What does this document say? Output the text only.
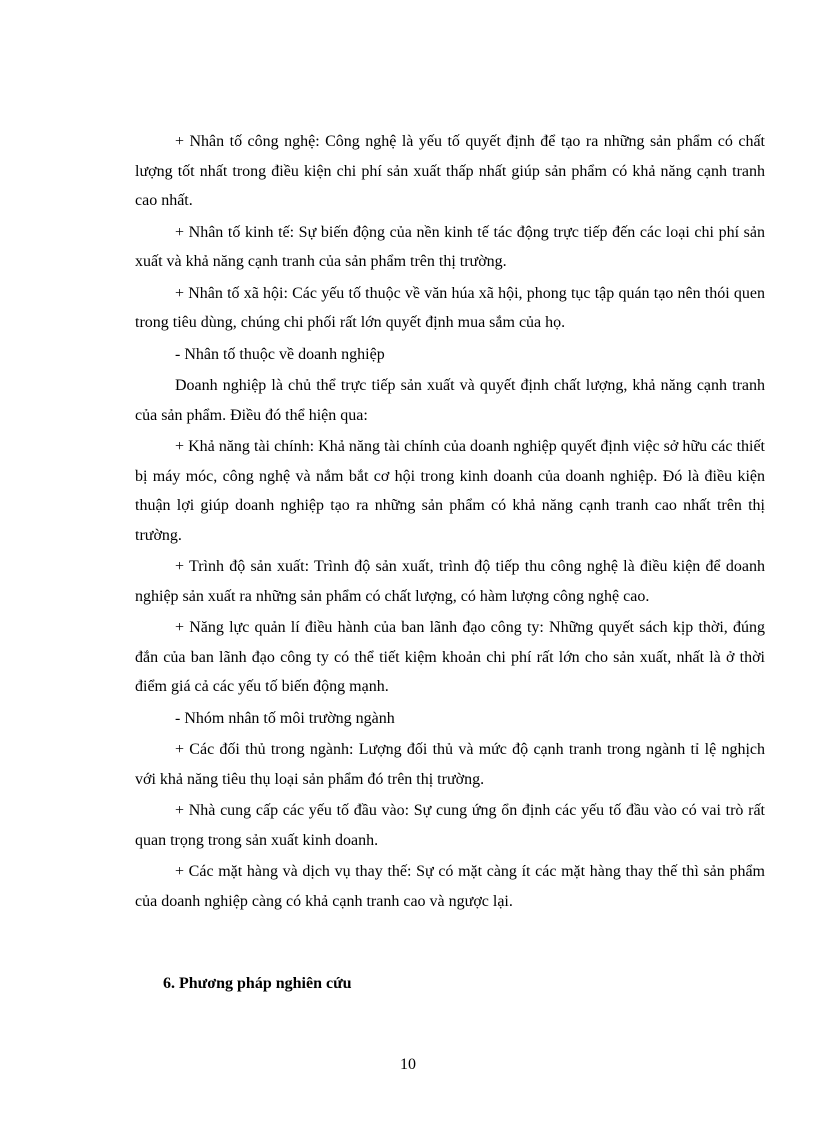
+ Nhân tố công nghệ: Công nghệ là yếu tố quyết định để tạo ra những sản phẩm có chất lượng tốt nhất trong điều kiện chi phí sản xuất thấp nhất giúp sản phẩm có khả năng cạnh tranh cao nhất.

+ Nhân tố kinh tế: Sự biến động của nền kinh tế tác động trực tiếp đến các loại chi phí sản xuất và khả năng cạnh tranh của sản phẩm trên thị trường.

+ Nhân tố xã hội: Các yếu tố thuộc về văn húa xã hội, phong tục tập quán tạo nên thói quen trong tiêu dùng, chúng chi phối rất lớn quyết định mua sắm của họ.

- Nhân tố thuộc về doanh nghiệp

Doanh nghiệp là chủ thể trực tiếp sản xuất và quyết định chất lượng, khả năng cạnh tranh của sản phẩm. Điều đó thể hiện qua:

+ Khả năng tài chính: Khả năng tài chính của doanh nghiệp quyết định việc sở hữu các thiết bị máy móc, công nghệ và nắm bắt cơ hội trong kinh doanh của doanh nghiệp. Đó là điều kiện thuận lợi giúp doanh nghiệp tạo ra những sản phẩm có khả năng cạnh tranh cao nhất trên thị trường.

+ Trình độ sản xuất: Trình độ sản xuất, trình độ tiếp thu công nghệ là điều kiện để doanh nghiệp sản xuất ra những sản phẩm có chất lượng, có hàm lượng công nghệ cao.

+ Năng lực quản lí điều hành của ban lãnh đạo công ty: Những quyết sách kịp thời, đúng đắn của ban lãnh đạo công ty có thể tiết kiệm khoản chi phí rất lớn cho sản xuất, nhất là ở thời điểm giá cả các yếu tố biến động mạnh.

- Nhóm nhân tố môi trường ngành

+ Các đối thủ trong ngành: Lượng đối thủ và mức độ cạnh tranh trong ngành tỉ lệ nghịch với khả năng tiêu thụ loại sản phẩm đó trên thị trường.

+ Nhà cung cấp các yếu tố đầu vào: Sự cung ứng ổn định các yếu tố đầu vào có vai trò rất quan trọng trong sản xuất kinh doanh.

+ Các mặt hàng và dịch vụ thay thế: Sự có mặt càng ít các mặt hàng thay thế thì sản phẩm của doanh nghiệp càng có khả cạnh tranh cao và ngược lại.

6. Phương pháp nghiên cứu
10
